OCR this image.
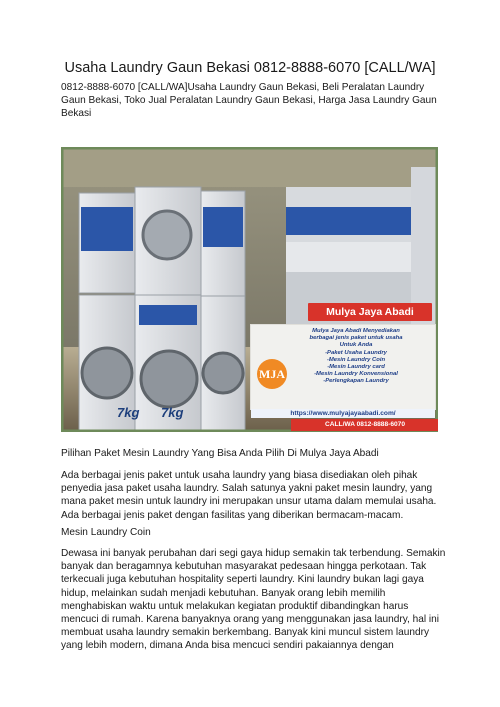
Usaha Laundry Gaun Bekasi 0812-8888-6070 [CALL/WA]

0812-8888-6070 [CALL/WA]Usaha Laundry Gaun Bekasi, Beli Peralatan Laundry Gaun Bekasi, Toko Jual Peralatan Laundry Gaun Bekasi, Harga Jasa Laundry Gaun Bekasi

Mulya Jaya Abadi
MJA
Mulya Jaya Abadi Menyediakan
berbagai jenis paket untuk usaha
Untuk Anda
-Paket Usaha Laundry
-Mesin Laundry Coin
-Mesin Laundry card
-Mesin Laundry Konvensional
-Perlengkapan Laundry
https://www.mulyajayaabadi.com/
CALL/WA 0812-8888-6070
7kg 7kg

Pilihan Paket Mesin Laundry Yang Bisa Anda Pilih Di Mulya Jaya Abadi

Ada berbagai jenis paket untuk usaha laundry yang biasa disediakan oleh pihak penyedia jasa paket usaha laundry. Salah satunya yakni paket mesin laundry, yang mana paket mesin untuk laundry ini merupakan unsur utama dalam memulai usaha. Ada berbagai jenis paket dengan fasilitas yang diberikan bermacam-macam.

Mesin Laundry Coin

Dewasa ini banyak perubahan dari segi gaya hidup semakin tak terbendung. Semakin banyak dan beragamnya kebutuhan masyarakat pedesaan hingga perkotaan. Tak terkecuali juga kebutuhan hospitality seperti laundry. Kini laundry bukan lagi gaya hidup, melainkan sudah menjadi kebutuhan. Banyak orang lebih memilih menghabiskan waktu untuk melakukan kegiatan produktif dibandingkan harus mencuci di rumah. Karena banyaknya orang yang menggunakan jasa laundry, hal ini membuat usaha laundry semakin berkembang. Banyak kini muncul sistem laundry yang lebih modern, dimana Anda bisa mencuci sendiri pakaiannya dengan
